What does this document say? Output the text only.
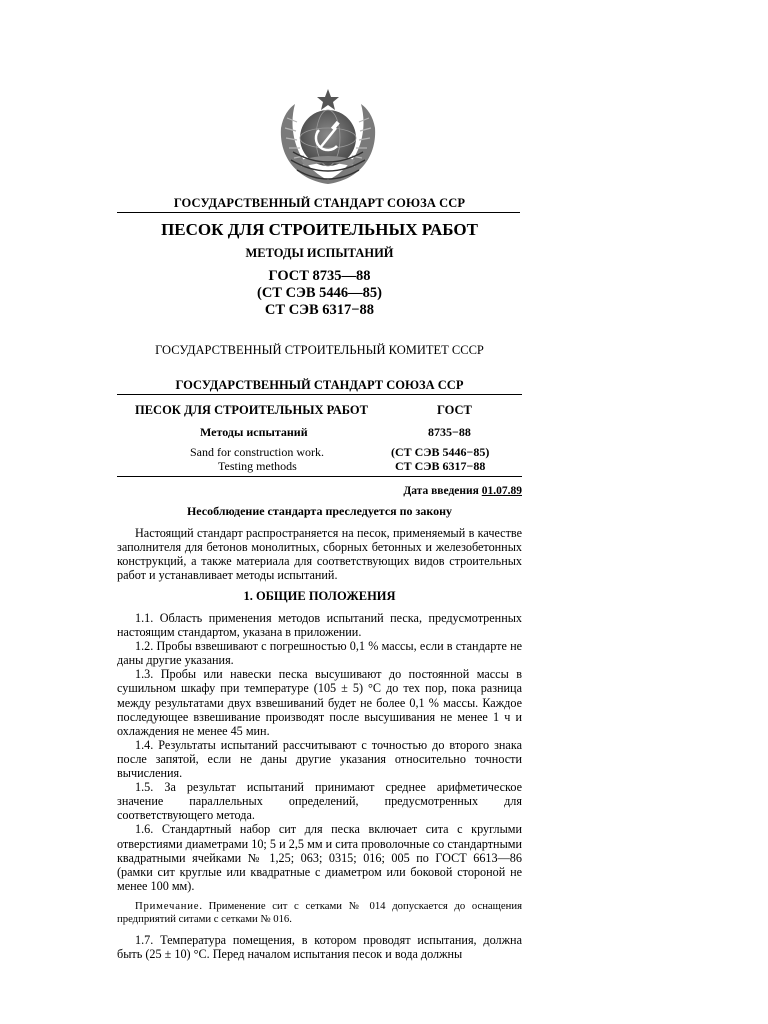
ГОСУДАРСТВЕННЫЙ СТАНДАРТ СОЮЗА ССР
ПЕСОК ДЛЯ СТРОИТЕЛЬНЫХ РАБОТ
МЕТОДЫ ИСПЫТАНИЙ
ГОСТ 8735—88
(СТ СЭВ 5446—85)
СТ СЭВ 6317−88
ГОСУДАРСТВЕННЫЙ СТРОИТЕЛЬНЫЙ КОМИТЕТ СССР
ГОСУДАРСТВЕННЫЙ СТАНДАРТ СОЮЗА ССР
ПЕСОК ДЛЯ СТРОИТЕЛЬНЫХ РАБОТ	ГОСТ
Методы испытаний	8735−88
Sand for construction work.	(СТ СЭВ 5446−85)
Testing methods	СТ СЭВ 6317−88
Дата введения 01.07.89
Несоблюдение стандарта преследуется по закону

Настоящий стандарт распространяется на песок, применяемый в качестве заполнителя для бетонов монолитных, сборных бетонных и железобетонных конструкций, а также материала для соответствующих видов строительных работ и устанавливает методы испытаний.

1. ОБЩИЕ ПОЛОЖЕНИЯ

1.1. Область применения методов испытаний песка, предусмотренных настоящим стандартом, указана в приложении.

1.2. Пробы взвешивают с погрешностью 0,1 % массы, если в стандарте не даны другие указания.

1.3. Пробы или навески песка высушивают до постоянной массы в сушильном шкафу при температуре (105 ± 5) °С до тех пор, пока разница между результатами двух взвешиваний будет не более 0,1 % массы. Каждое последующее взвешивание производят после высушивания не менее 1 ч и охлаждения не менее 45 мин.

1.4. Результаты испытаний рассчитывают с точностью до второго знака после запятой, если не даны другие указания относительно точности вычисления.

1.5. За результат испытаний принимают среднее арифметическое значение параллельных определений, предусмотренных для соответствующего метода.

1.6. Стандартный набор сит для песка включает сита с круглыми отверстиями диаметрами 10; 5 и 2,5 мм и сита проволочные со стандартными квадратными ячейками № 1,25; 063; 0315; 016; 005 по ГОСТ 6613—86 (рамки сит круглые или квадратные с диаметром или боковой стороной не менее 100 мм).

Примечание. Применение сит с сетками № 014 допускается до оснащения предприятий ситами с сетками № 016.

1.7. Температура помещения, в котором проводят испытания, должна быть (25 ± 10) °С. Перед началом испытания песок и вода должны
